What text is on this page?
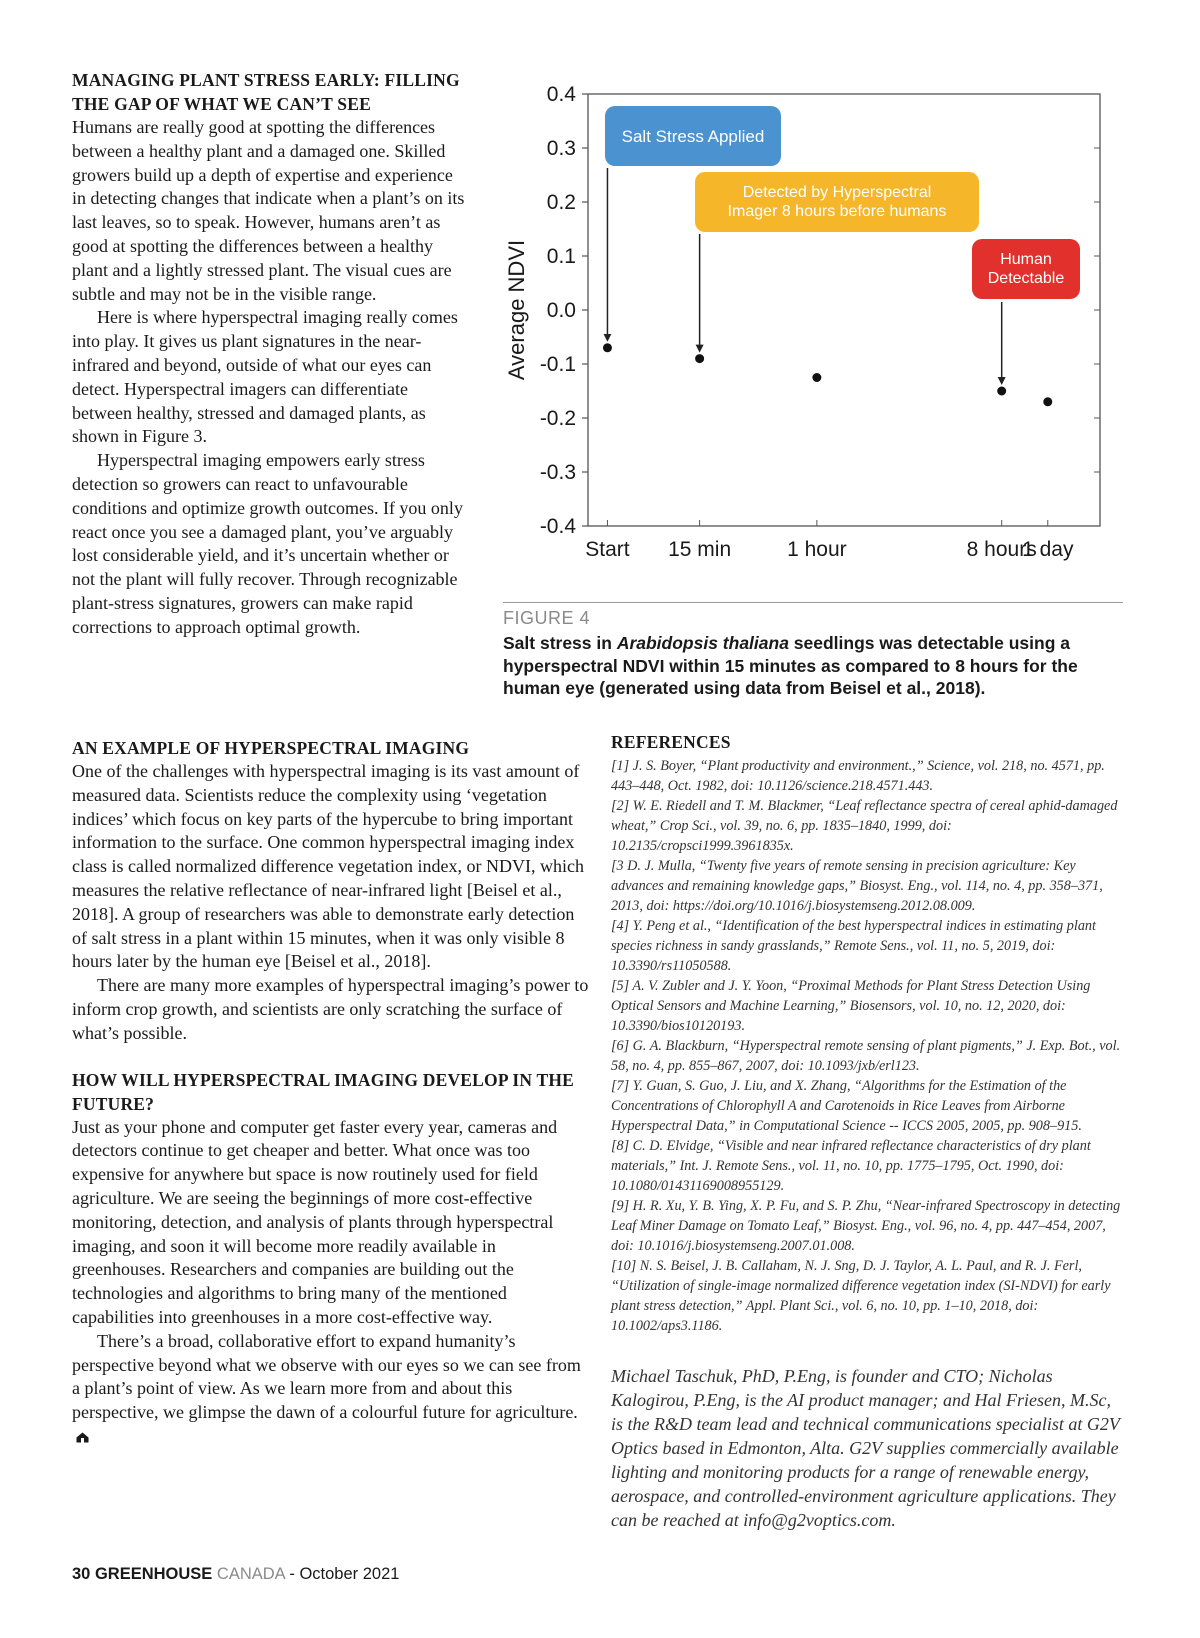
MANAGING PLANT STRESS EARLY: FILLING THE GAP OF WHAT WE CAN’T SEE

Humans are really good at spotting the differences between a healthy plant and a damaged one. Skilled growers build up a depth of expertise and experience in detecting changes that indicate when a plant’s on its last leaves, so to speak. However, humans aren’t as good at spotting the differences between a healthy plant and a lightly stressed plant. The visual cues are subtle and may not be in the visible range.

Here is where hyperspectral imaging really comes into play. It gives us plant signatures in the near-infrared and beyond, outside of what our eyes can detect. Hyperspectral imagers can differentiate between healthy, stressed and damaged plants, as shown in Figure 3.

Hyperspectral imaging empowers early stress detection so growers can react to unfavourable conditions and optimize growth outcomes. If you only react once you see a damaged plant, you’ve arguably lost considerable yield, and it’s uncertain whether or not the plant will fully recover. Through recognizable plant-stress signatures, growers can make rapid corrections to approach optimal growth.

0.4
0.3
0.2
0.1
0.0
-0.1
-0.2
-0.3
-0.4
Start 15 min	1 hour	8 hours
1 day
Average NDVI
Salt Stress Applied
Detected by Hyperspectral
Imager 8 hours before humans
Human
Detectable
FIGURE 4
Salt stress in Arabidopsis thaliana seedlings was detectable using a hyperspectral NDVI within 15 minutes as compared to 8 hours for the human eye (generated using data from Beisel et al., 2018).
AN EXAMPLE OF HYPERSPECTRAL IMAGING

One of the challenges with hyperspectral imaging is its vast amount of measured data. Scientists reduce the complexity using ‘vegetation indices’ which focus on key parts of the hypercube to bring important information to the surface. One common hyperspectral imaging index class is called normalized difference vegetation index, or NDVI, which measures the relative reflectance of near-infrared light [Beisel et al., 2018]. A group of researchers was able to demonstrate early detection of salt stress in a plant within 15 minutes, when it was only visible 8 hours later by the human eye [Beisel et al., 2018].

There are many more examples of hyperspectral imaging’s power to inform crop growth, and scientists are only scratching the surface of what’s possible.

HOW WILL HYPERSPECTRAL IMAGING DEVELOP IN THE FUTURE?

Just as your phone and computer get faster every year, cameras and detectors continue to get cheaper and better. What once was too expensive for anywhere but space is now routinely used for field agriculture. We are seeing the beginnings of more cost-effective monitoring, detection, and analysis of plants through hyperspectral imaging, and soon it will become more readily available in greenhouses. Researchers and companies are building out the technologies and algorithms to bring many of the mentioned capabilities into greenhouses in a more cost-effective way.

There’s a broad, collaborative effort to expand humanity’s perspective beyond what we observe with our eyes so we can see from a plant’s point of view. As we learn more from and about this perspective, we glimpse the dawn of a colourful future for agriculture.

REFERENCES
[1] J. S. Boyer, “Plant productivity and environment.,” Science, vol. 218, no. 4571, pp. 443–448, Oct. 1982, doi: 10.1126/science.218.4571.443.
[2] W. E. Riedell and T. M. Blackmer, “Leaf reflectance spectra of cereal aphid-damaged wheat,” Crop Sci., vol. 39, no. 6, pp. 1835–1840, 1999, doi: 10.2135/cropsci1999.3961835x.
[3 D. J. Mulla, “Twenty five years of remote sensing in precision agriculture: Key advances and remaining knowledge gaps,” Biosyst. Eng., vol. 114, no. 4, pp. 358–371, 2013, doi: https://doi.org/10.1016/j.biosystemseng.2012.08.009.
[4] Y. Peng et al., “Identification of the best hyperspectral indices in estimating plant species richness in sandy grasslands,” Remote Sens., vol. 11, no. 5, 2019, doi: 10.3390/rs11050588.
[5] A. V. Zubler and J. Y. Yoon, “Proximal Methods for Plant Stress Detection Using Optical Sensors and Machine Learning,” Biosensors, vol. 10, no. 12, 2020, doi: 10.3390/bios10120193.
[6] G. A. Blackburn, “Hyperspectral remote sensing of plant pigments,” J. Exp. Bot., vol. 58, no. 4, pp. 855–867, 2007, doi: 10.1093/jxb/erl123.
[7] Y. Guan, S. Guo, J. Liu, and X. Zhang, “Algorithms for the Estimation of the Concentrations of Chlorophyll A and Carotenoids in Rice Leaves from Airborne Hyperspectral Data,” in Computational Science -- ICCS 2005, 2005, pp. 908–915.
[8] C. D. Elvidge, “Visible and near infrared reflectance characteristics of dry plant materials,” Int. J. Remote Sens., vol. 11, no. 10, pp. 1775–1795, Oct. 1990, doi: 10.1080/01431169008955129.
[9] H. R. Xu, Y. B. Ying, X. P. Fu, and S. P. Zhu, “Near-infrared Spectroscopy in detecting Leaf Miner Damage on Tomato Leaf,” Biosyst. Eng., vol. 96, no. 4, pp. 447–454, 2007, doi: 10.1016/j.biosystemseng.2007.01.008.
[10] N. S. Beisel, J. B. Callaham, N. J. Sng, D. J. Taylor, A. L. Paul, and R. J. Ferl, “Utilization of single-image normalized difference vegetation index (SI-NDVI) for early plant stress detection,” Appl. Plant Sci., vol. 6, no. 10, pp. 1–10, 2018, doi: 10.1002/aps3.1186.

Michael Taschuk, PhD, P.Eng, is founder and CTO; Nicholas Kalogirou, P.Eng, is the AI product manager; and Hal Friesen, M.Sc, is the R&D team lead and technical communications specialist at G2V Optics based in Edmonton, Alta. G2V supplies commercially available lighting and monitoring products for a range of renewable energy, aerospace, and controlled-environment agriculture applications. They can be reached at info@g2voptics.com.

30 GREENHOUSE CANADA - October 2021
